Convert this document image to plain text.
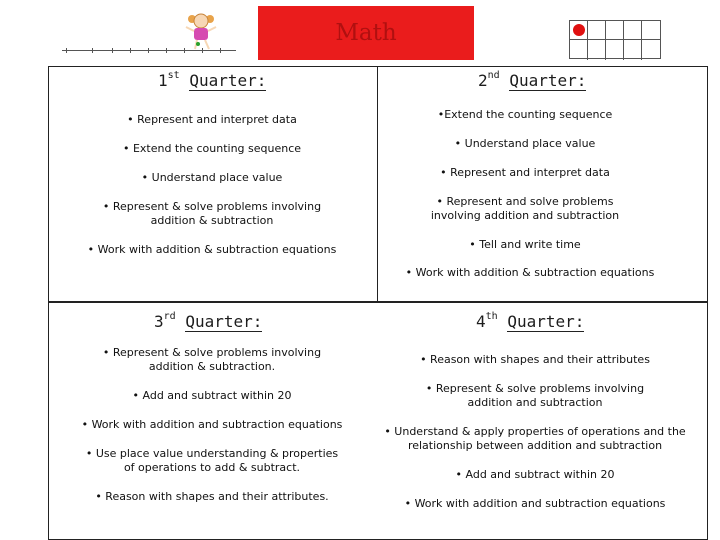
Math
1st Quarter:
• Represent and interpret data
• Extend the counting sequence
• Understand place value
• Represent & solve problems involving addition & subtraction
• Work with addition & subtraction equations
2nd Quarter:
•Extend the counting sequence
• Understand place value
• Represent and interpret data
• Represent and solve problems involving addition and subtraction
• Tell and write time
• Work with addition & subtraction equations
3rd Quarter:
• Represent & solve problems involving addition & subtraction.
• Add and subtract within 20
• Work with addition and subtraction equations
• Use place value understanding & properties of operations to add & subtract.
• Reason with shapes and their attributes.
4th Quarter:
• Reason with shapes and their attributes
• Represent & solve problems involving addition and subtraction
• Understand & apply properties of operations and the relationship between addition and subtraction
• Add and subtract within 20
• Work with addition and subtraction equations
